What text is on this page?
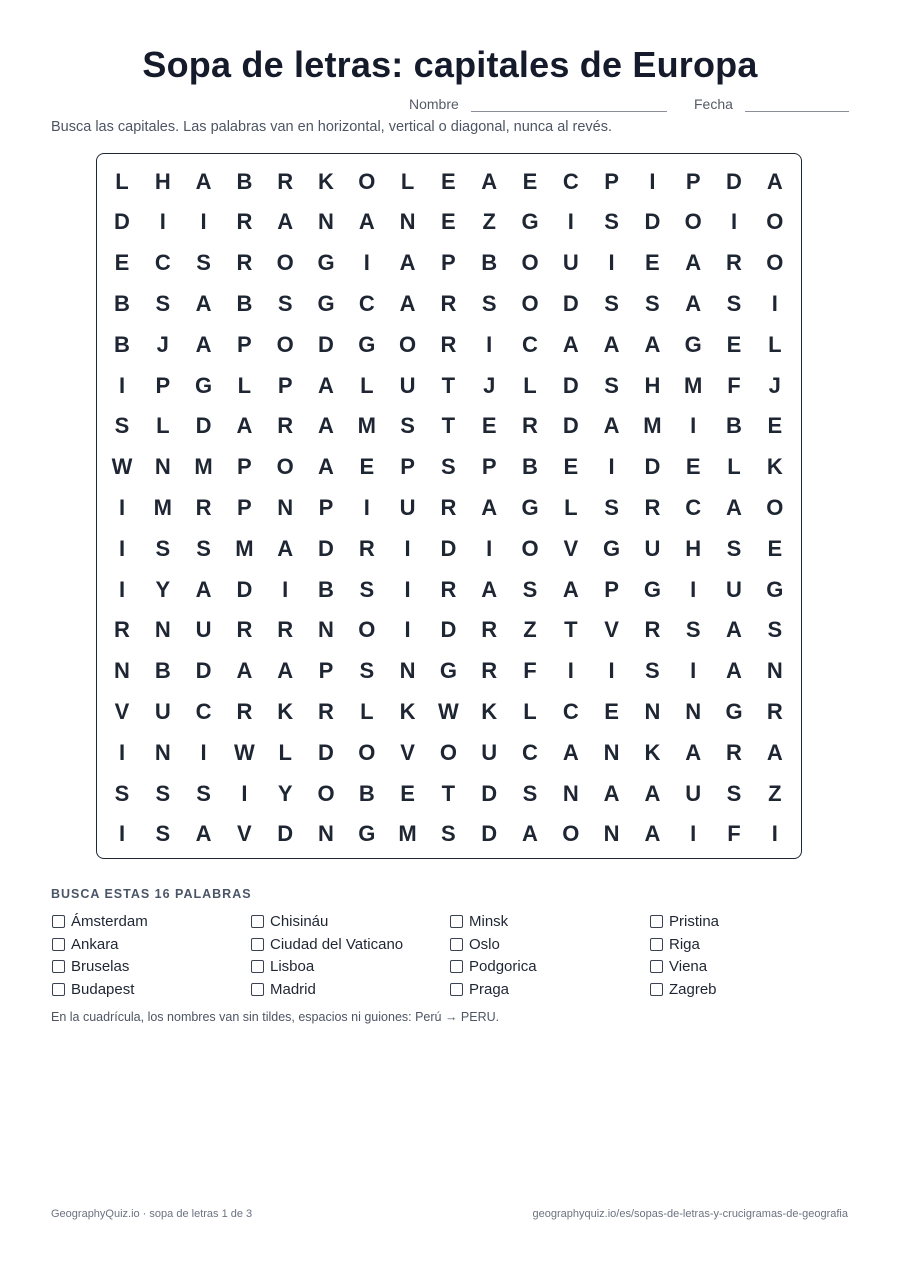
Sopa de letras: capitales de Europa
Nombre	Fecha
Busca las capitales. Las palabras van en horizontal, vertical o diagonal, nunca al revés.
L	H	A	B	R	K	O	L	E	A	E	C	P	I	P	D	A
D	I	I	R	A	N	A	N	E	Z	G	I	S	D	O	I	O
E	C	S	R	O	G	I	A	P	B	O	U	I	E	A	R	O
B	S	A	B	S	G	C	A	R	S	O	D	S	S	A	S	I
B	J	A	P	O	D	G	O	R	I	C	A	A	A	G	E	L
I	P	G	L	P	A	L	U	T	J	L	D	S	H	M	F	J
S	L	D	A	R	A	M	S	T	E	R	D	A	M	I	B	E
W	N	M	P	O	A	E	P	S	P	B	E	I	D	E	L	K
I	M	R	P	N	P	I	U	R	A	G	L	S	R	C	A	O
I	S	S	M	A	D	R	I	D	I	O	V	G	U	H	S	E
I	Y	A	D	I	B	S	I	R	A	S	A	P	G	I	U	G
R	N	U	R	R	N	O	I	D	R	Z	T	V	R	S	A	S
N	B	D	A	A	P	S	N	G	R	F	I	I	S	I	A	N
V	U	C	R	K	R	L	K	W	K	L	C	E	N	N	G	R
I	N	I	W	L	D	O	V	O	U	C	A	N	K	A	R	A
S	S	S	I	Y	O	B	E	T	D	S	N	A	A	U	S	Z
I	S	A	V	D	N	G	M	S	D	A	O	N	A	I	F	I
BUSCA ESTAS 16 PALABRAS
Ámsterdam
Ankara
Bruselas
Budapest
Chisináu
Ciudad del Vaticano
Lisboa
Madrid
Minsk
Oslo
Podgorica
Praga
Pristina
Riga
Viena
Zagreb
En la cuadrícula, los nombres van sin tildes, espacios ni guiones: Perú → PERU.
GeographyQuiz.io · sopa de letras 1 de 3	geographyquiz.io/es/sopas-de-letras-y-crucigramas-de-geografia
